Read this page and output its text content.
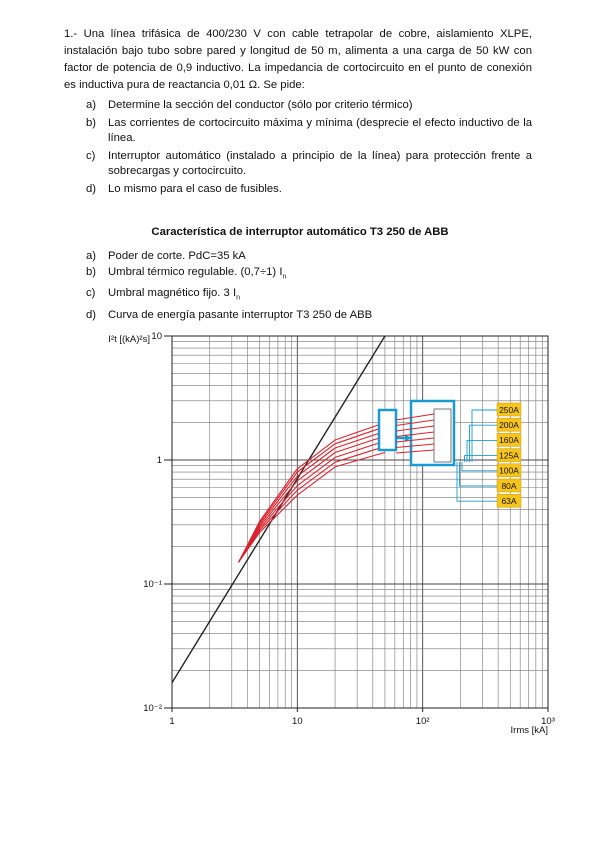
1.- Una línea trifásica de 400/230 V con cable tetrapolar de cobre, aislamiento XLPE, instalación bajo tubo sobre pared y longitud de 50 m, alimenta a una carga de 50 kW con factor de potencia de 0,9 inductivo. La impedancia de cortocircuito en el punto de conexión es inductiva pura de reactancia 0,01 Ω. Se pide:

a) Determine la sección del conductor (sólo por criterio térmico)
b) Las corrientes de cortocircuito máxima y mínima (desprecie el efecto inductivo de la línea.
c) Interruptor automático (instalado a principio de la línea) para protección frente a sobrecargas y cortocircuito.
d) Lo mismo para el caso de fusibles.
Característica de interruptor automático T3 250 de ABB
a) Poder de corte. PdC=35 kA
b) Umbral térmico regulable. (0,7÷1) $I_n$
c) Umbral magnético fijo. 3 $I_n$
d) Curva de energía pasante interruptor T3 250 de ABB
1	10	10²	10³
10⁻²
10⁻¹
1
10
I²t [(kA)²s]
Irms [kA]
250A
200A
160A
125A
100A
80A
63A
